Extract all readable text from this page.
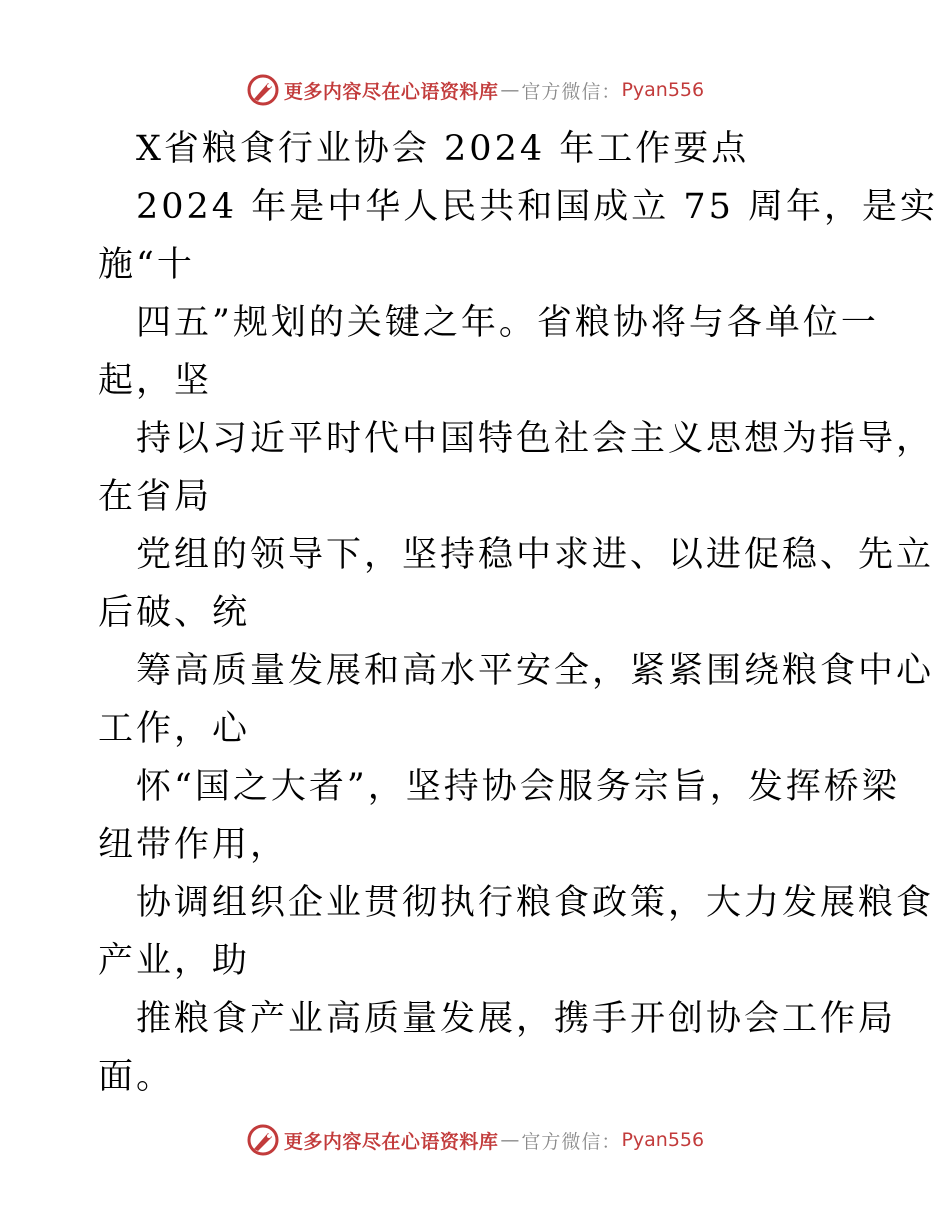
更多内容尽在心语资料库 — 官方微信： Pyan556
X省粮食行业协会 2024 年工作要点
2024 年是中华人民共和国成立 75 周年，是实
施“十
四五”规划的关键之年。省粮协将与各单位一
起，坚
持以习近平时代中国特色社会主义思想为指导，
在省局
党组的领导下，坚持稳中求进、以进促稳、先立
后破、统
筹高质量发展和高水平安全，紧紧围绕粮食中心
工作，心
怀“国之大者”，坚持协会服务宗旨，发挥桥梁
纽带作用，
协调组织企业贯彻执行粮食政策，大力发展粮食
产业，助
推粮食产业高质量发展，携手开创协会工作局
面。
更多内容尽在心语资料库 — 官方微信： Pyan556
